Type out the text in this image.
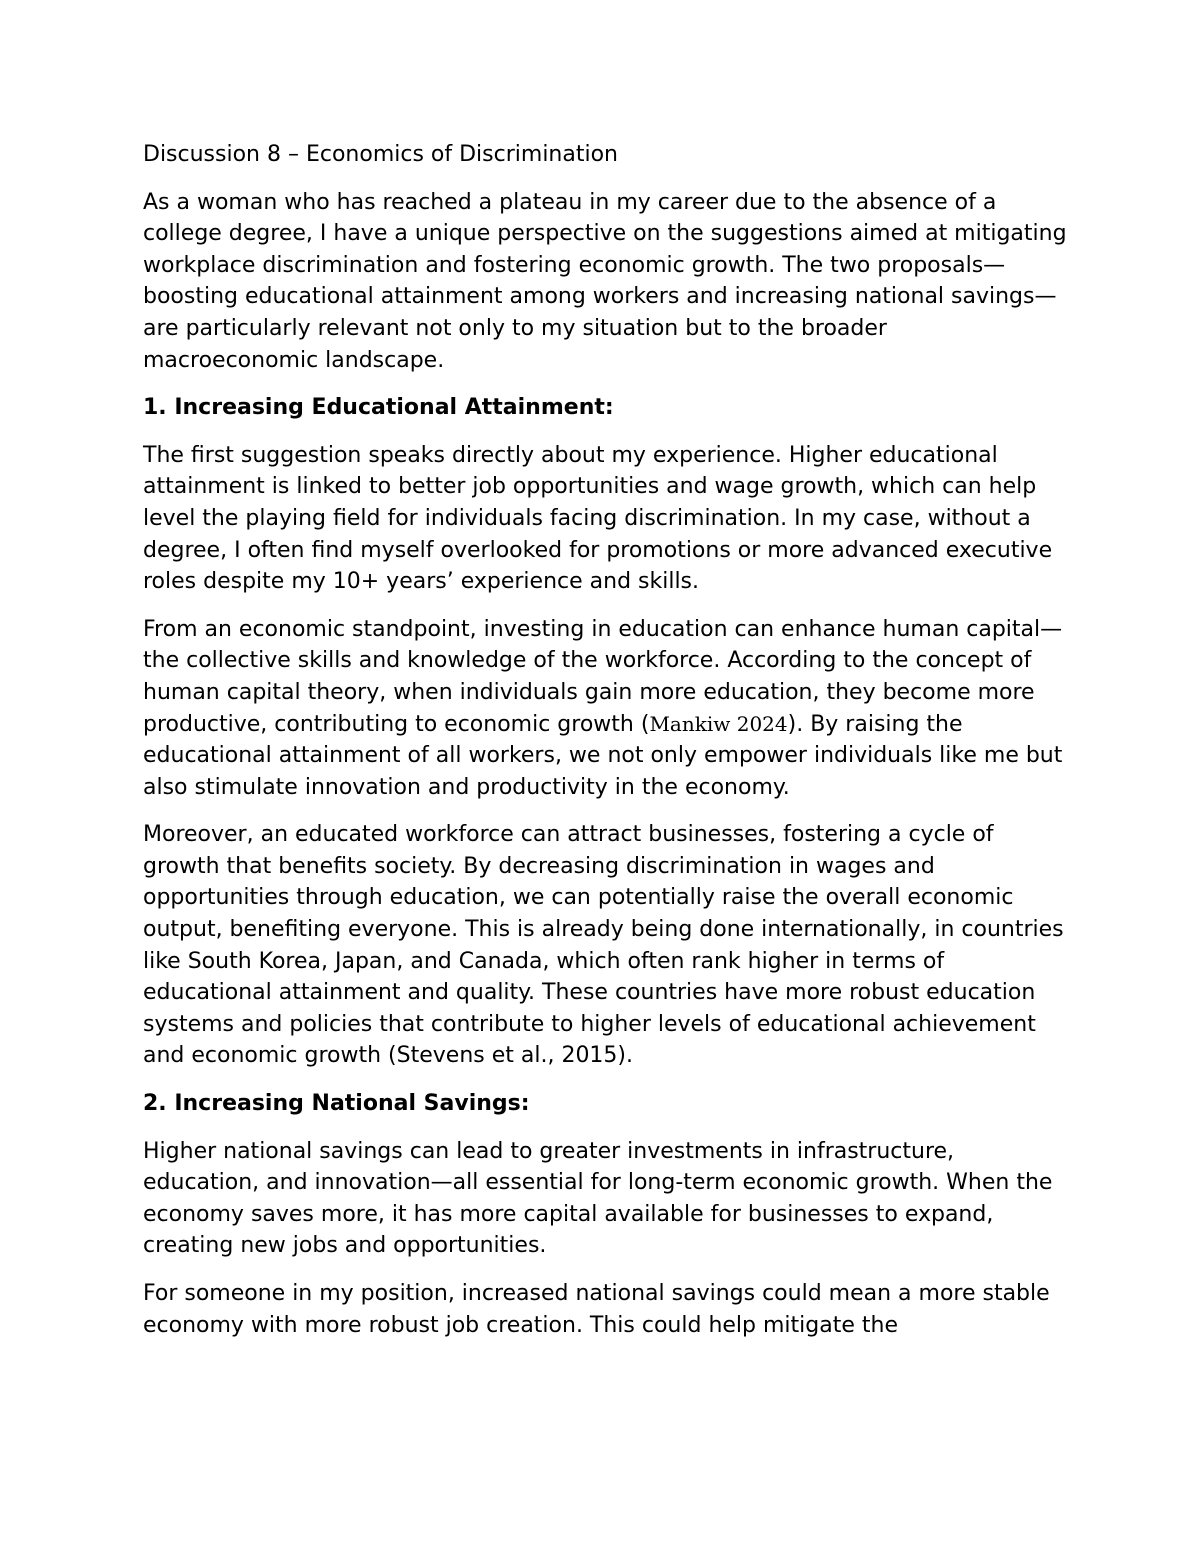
Discussion 8 – Economics of Discrimination

As a woman who has reached a plateau in my career due to the absence of a college degree, I have a unique perspective on the suggestions aimed at mitigating workplace discrimination and fostering economic growth. The two proposals—boosting educational attainment among workers and increasing national savings—are particularly relevant not only to my situation but to the broader macroeconomic landscape.

1. Increasing Educational Attainment:

The first suggestion speaks directly about my experience. Higher educational attainment is linked to better job opportunities and wage growth, which can help level the playing field for individuals facing discrimination. In my case, without a degree, I often find myself overlooked for promotions or more advanced executive roles despite my 10+ years’ experience and skills.

From an economic standpoint, investing in education can enhance human capital—the collective skills and knowledge of the workforce. According to the concept of human capital theory, when individuals gain more education, they become more productive, contributing to economic growth (Mankiw 2024). By raising the educational attainment of all workers, we not only empower individuals like me but also stimulate innovation and productivity in the economy.

Moreover, an educated workforce can attract businesses, fostering a cycle of growth that benefits society. By decreasing discrimination in wages and opportunities through education, we can potentially raise the overall economic output, benefiting everyone. This is already being done internationally, in countries like South Korea, Japan, and Canada, which often rank higher in terms of educational attainment and quality. These countries have more robust education systems and policies that contribute to higher levels of educational achievement and economic growth (Stevens et al., 2015).

2. Increasing National Savings:

Higher national savings can lead to greater investments in infrastructure, education, and innovation—all essential for long-term economic growth. When the economy saves more, it has more capital available for businesses to expand, creating new jobs and opportunities.

For someone in my position, increased national savings could mean a more stable economy with more robust job creation. This could help mitigate the
